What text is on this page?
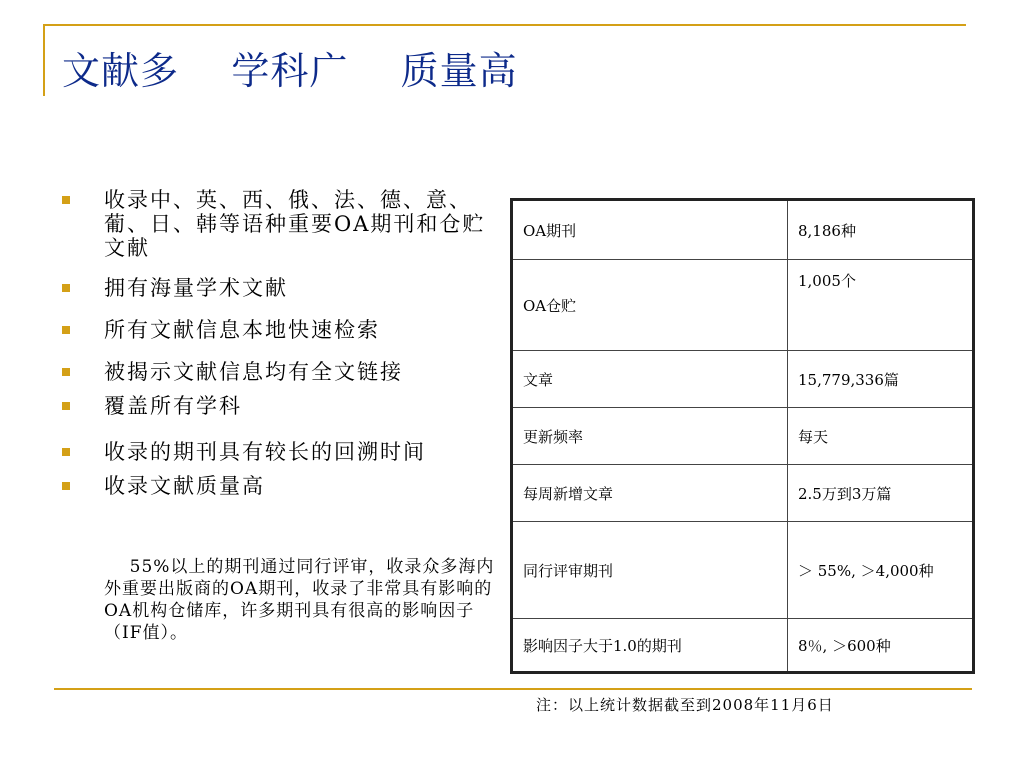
文献多    学科广    质量高
收录中、英、西、俄、法、德、意、葡、日、韩等语种重要OA期刊和仓贮文献
拥有海量学术文献
所有文献信息本地快速检索
被揭示文献信息均有全文链接
覆盖所有学科
收录的期刊具有较长的回溯时间
收录文献质量高
55%以上的期刊通过同行评审，收录众多海内外重要出版商的OA期刊，收录了非常具有影响的OA机构仓储库，许多期刊具有很高的影响因子（IF值）。
OA期刊	8,186种
OA仓贮	1,005个
文章	15,779,336篇
更新频率	每天
每周新增文章	2.5万到3万篇
同行评审期刊	＞ 55%, ＞4,000种
影响因子大于1.0的期刊	8％, ＞600种
注：以上统计数据截至到2008年11月6日
